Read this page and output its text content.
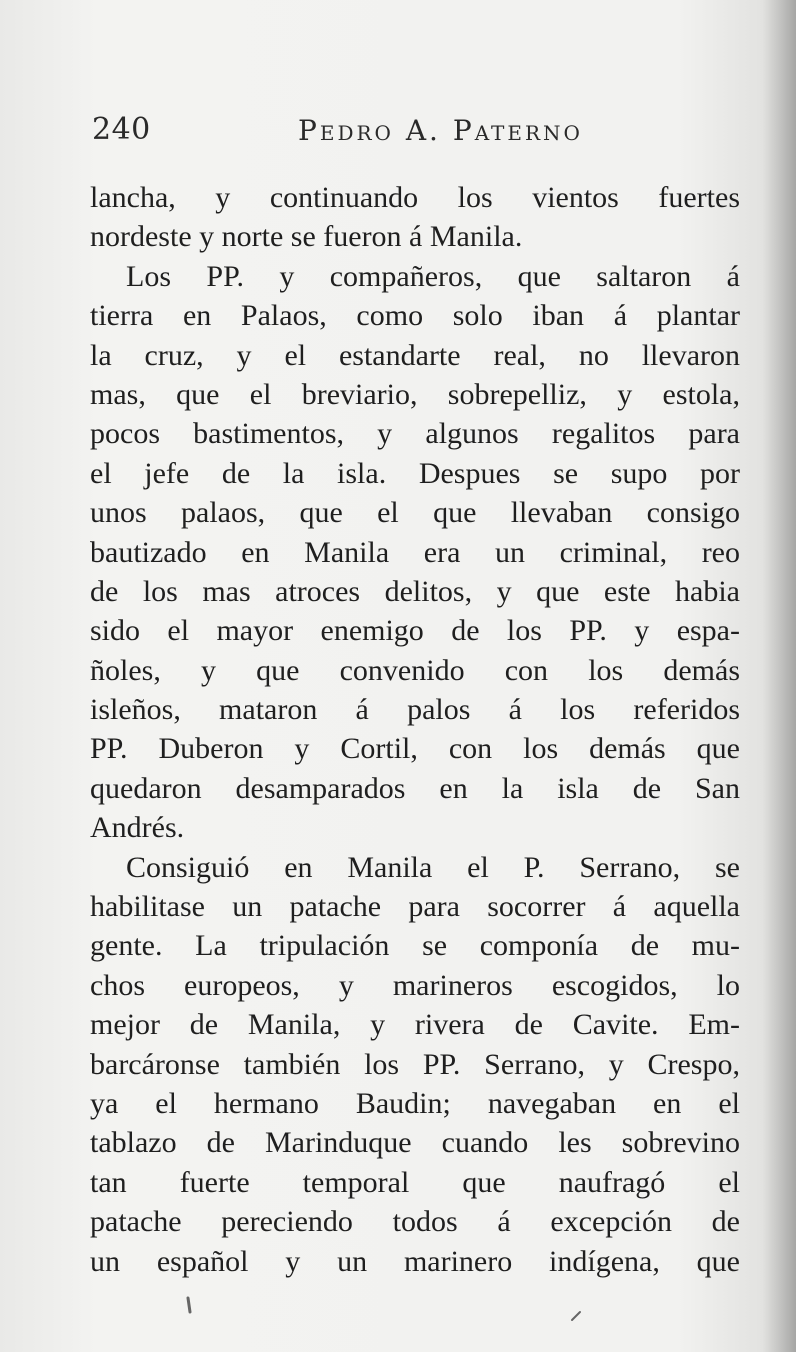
240	Pedro A. Paterno
lancha, y continuando los vientos fuertes
nordeste y norte se fueron á Manila.
Los PP. y compañeros, que saltaron á
tierra en Palaos, como solo iban á plantar
la cruz, y el estandarte real, no llevaron
mas, que el breviario, sobrepelliz, y estola,
pocos bastimentos, y algunos regalitos para
el jefe de la isla. Despues se supo por
unos palaos, que el que llevaban consigo
bautizado en Manila era un criminal, reo
de los mas atroces delitos, y que este habia
sido el mayor enemigo de los PP. y espa-
ñoles, y que convenido con los demás
isleños, mataron á palos á los referidos
PP. Duberon y Cortil, con los demás que
quedaron desamparados en la isla de San
Andrés.
Consiguió en Manila el P. Serrano, se
habilitase un patache para socorrer á aquella
gente. La tripulación se componía de mu-
chos europeos, y marineros escogidos, lo
mejor de Manila, y rivera de Cavite. Em-
barcáronse también los PP. Serrano, y Crespo,
ya el hermano Baudin; navegaban en el
tablazo de Marinduque cuando les sobrevino
tan fuerte temporal que naufragó el
patache pereciendo todos á excepción de
un español y un marinero indígena, que
